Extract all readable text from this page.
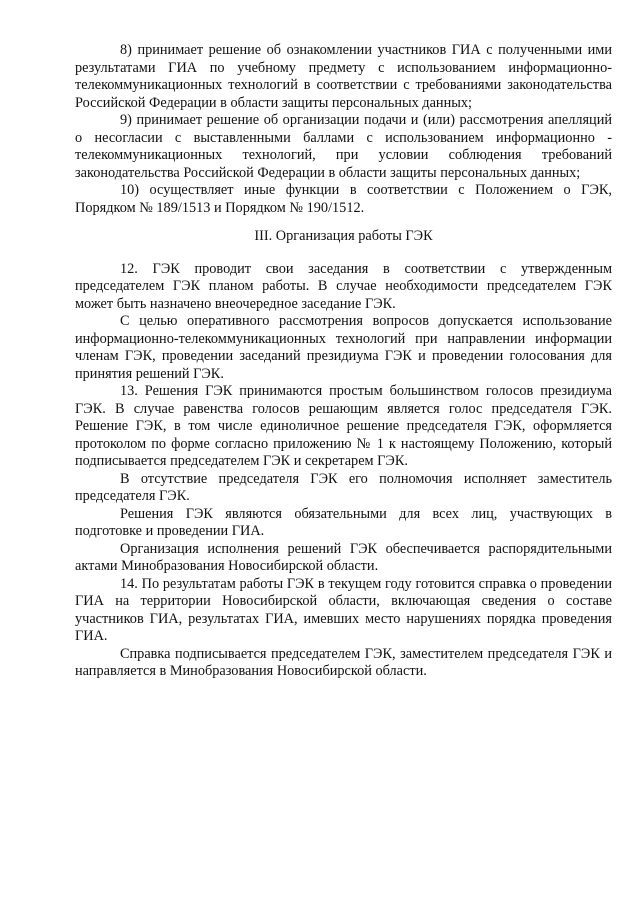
8) принимает решение об ознакомлении участников ГИА с полученными ими результатами ГИА по учебному предмету с использованием информационно-телекоммуникационных технологий в соответствии с требованиями законодательства Российской Федерации в области защиты персональных данных;

9) принимает решение об организации подачи и (или) рассмотрения апелляций о несогласии с выставленными баллами с использованием информационно - телекоммуникационных технологий, при условии соблюдения требований законодательства Российской Федерации в области защиты персональных данных;

10) осуществляет иные функции в соответствии с Положением о ГЭК, Порядком № 189/1513 и Порядком № 190/1512.

III. Организация работы ГЭК

12. ГЭК проводит свои заседания в соответствии с утвержденным председателем ГЭК планом работы. В случае необходимости председателем ГЭК может быть назначено внеочередное заседание ГЭК.

С целью оперативного рассмотрения вопросов допускается использование информационно-телекоммуникационных технологий при направлении информации членам ГЭК, проведении заседаний президиума ГЭК и проведении голосования для принятия решений ГЭК.

13. Решения ГЭК принимаются простым большинством голосов президиума ГЭК. В случае равенства голосов решающим является голос председателя ГЭК. Решение ГЭК, в том числе единоличное решение председателя ГЭК, оформляется протоколом по форме согласно приложению № 1 к настоящему Положению, который подписывается председателем ГЭК и секретарем ГЭК.

В отсутствие председателя ГЭК его полномочия исполняет заместитель председателя ГЭК.

Решения ГЭК являются обязательными для всех лиц, участвующих в подготовке и проведении ГИА.

Организация исполнения решений ГЭК обеспечивается распорядительными актами Минобразования Новосибирской области.

14. По результатам работы ГЭК в текущем году готовится справка о проведении ГИА на территории Новосибирской области, включающая сведения о составе участников ГИА, результатах ГИА, имевших место нарушениях порядка проведения ГИА.

Справка подписывается председателем ГЭК, заместителем председателя ГЭК и направляется в Минобразования Новосибирской области.
